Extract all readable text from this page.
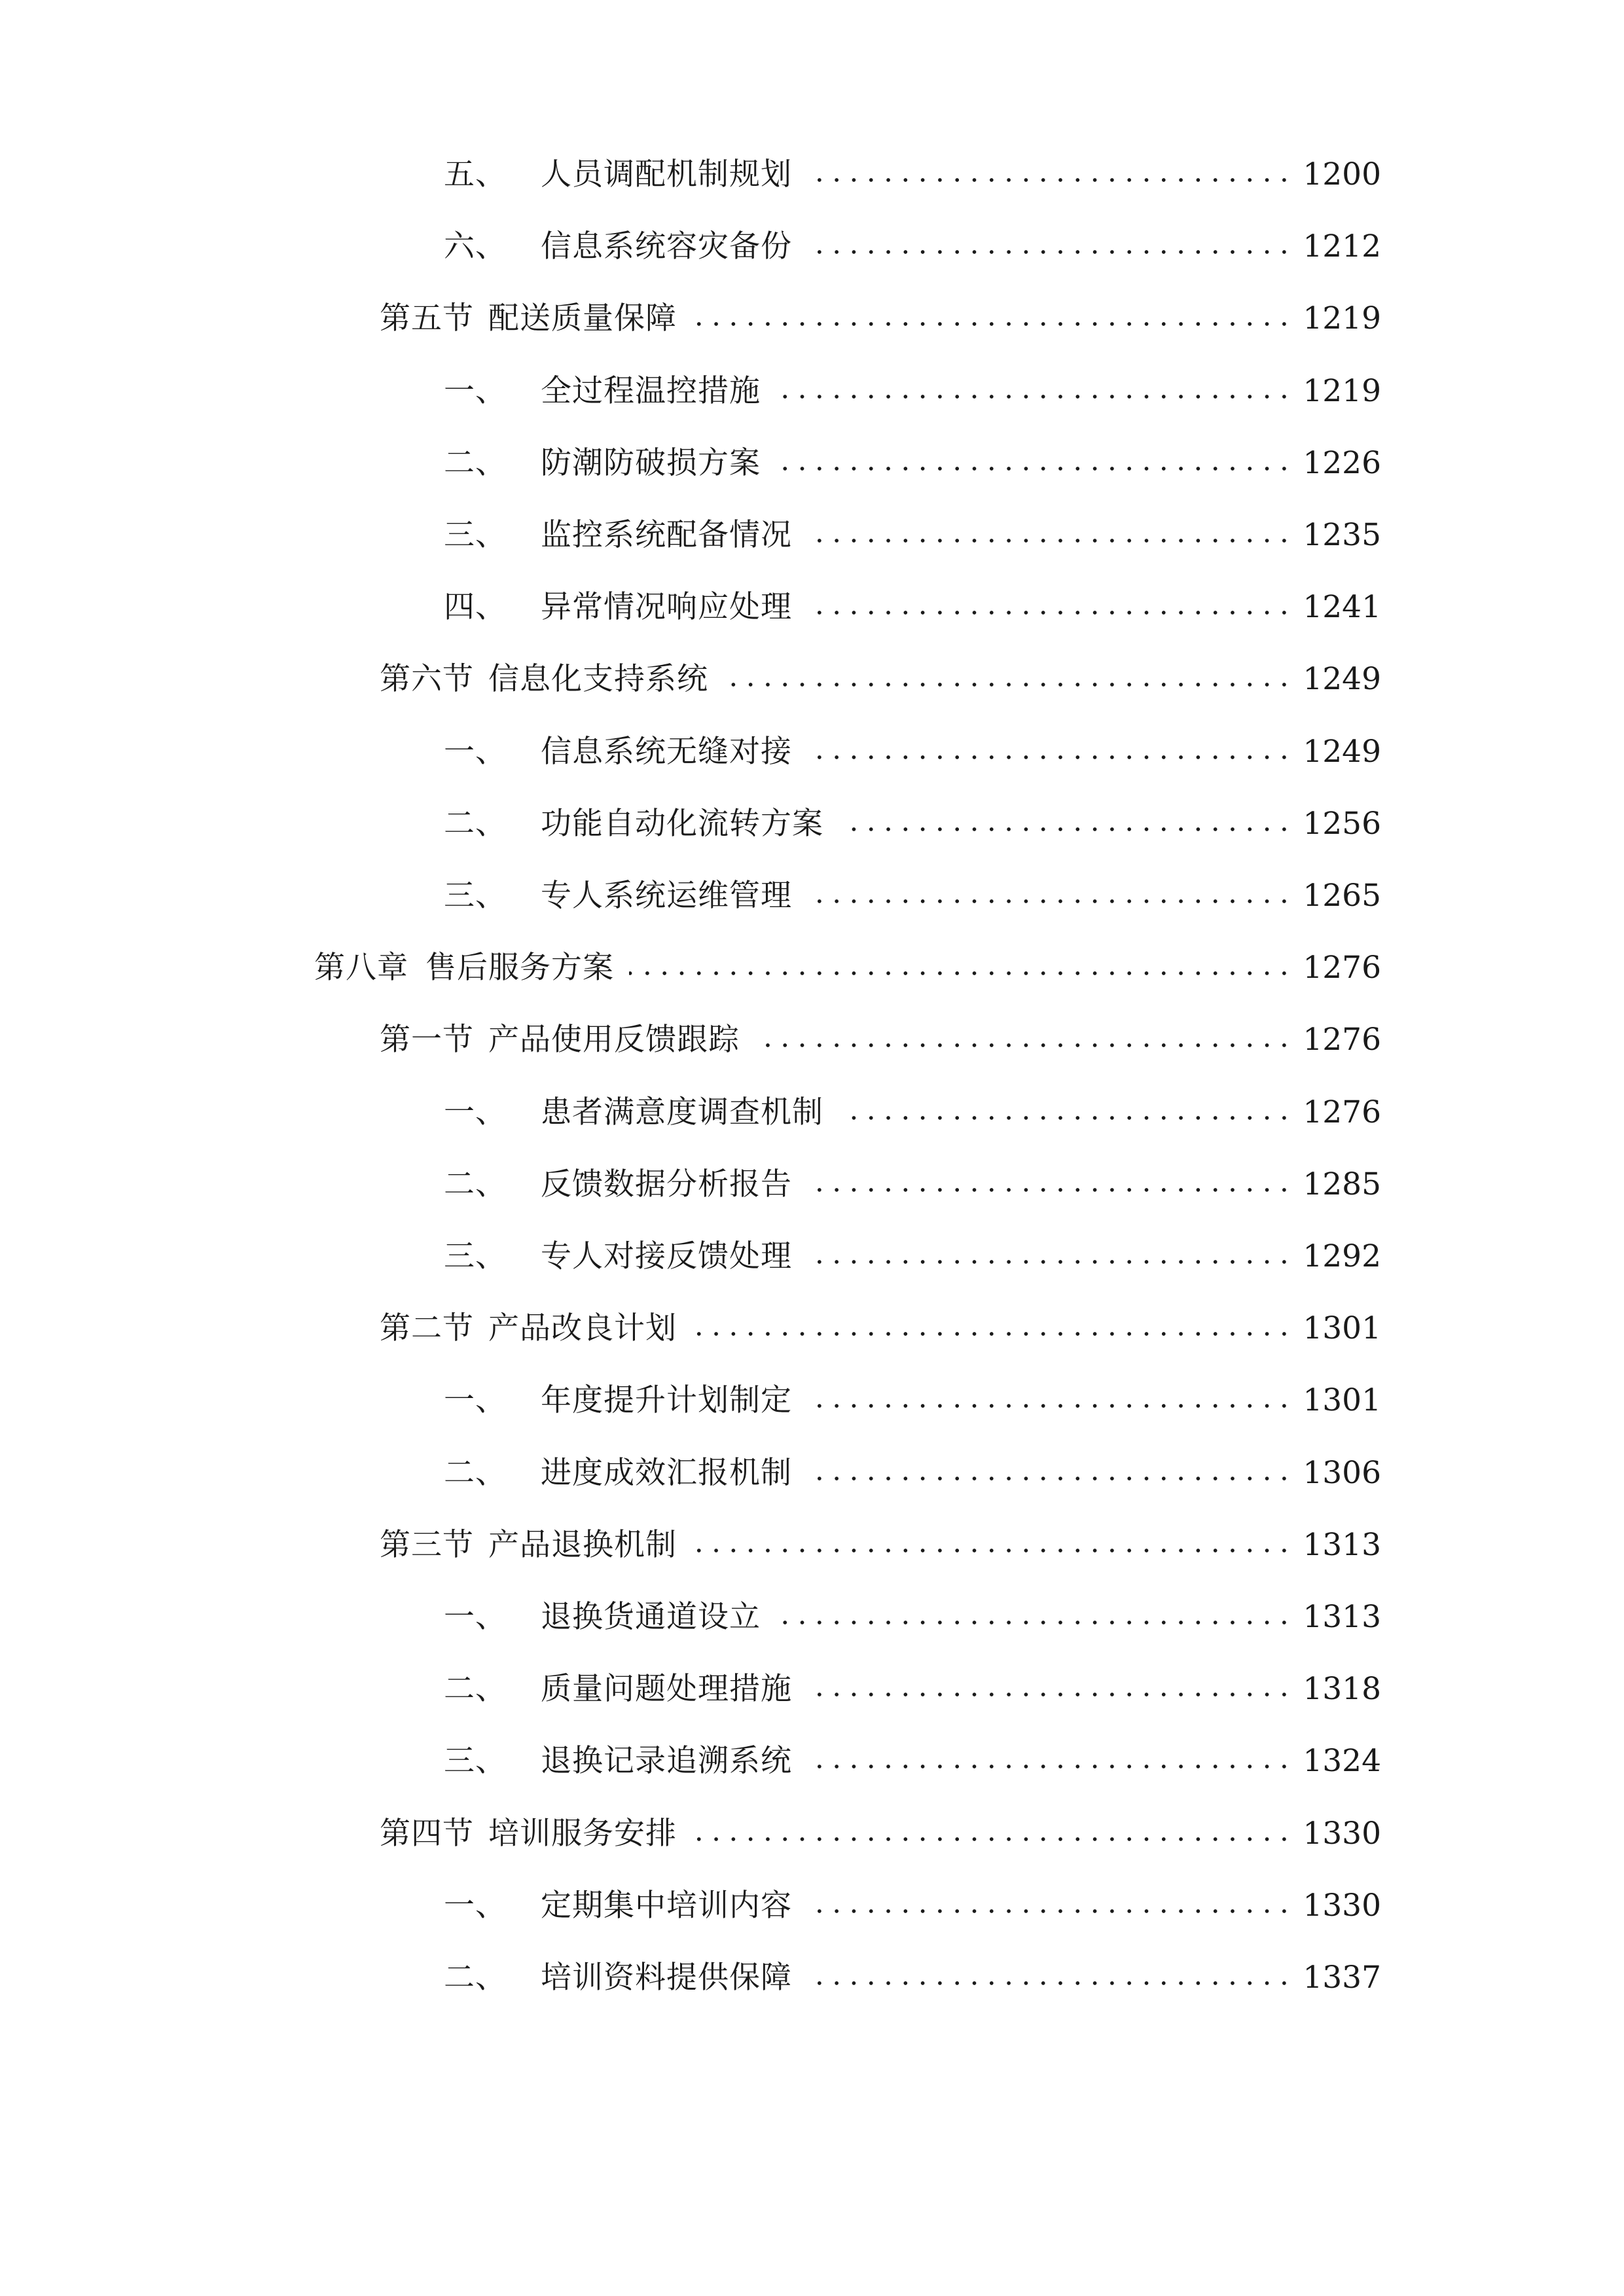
五、 人员调配机制规划	1200
六、 信息系统容灾备份	1212
第五节 配送质量保障	1219
一、 全过程温控措施	1219
二、 防潮防破损方案	1226
三、 监控系统配备情况	1235
四、 异常情况响应处理	1241
第六节 信息化支持系统	1249
一、 信息系统无缝对接	1249
二、 功能自动化流转方案	1256
三、 专人系统运维管理	1265
第八章 售后服务方案	1276
第一节 产品使用反馈跟踪	1276
一、 患者满意度调查机制	1276
二、 反馈数据分析报告	1285
三、 专人对接反馈处理	1292
第二节 产品改良计划	1301
一、 年度提升计划制定	1301
二、 进度成效汇报机制	1306
第三节 产品退换机制	1313
一、 退换货通道设立	1313
二、 质量问题处理措施	1318
三、 退换记录追溯系统	1324
第四节 培训服务安排	1330
一、 定期集中培训内容	1330
二、 培训资料提供保障	1337
